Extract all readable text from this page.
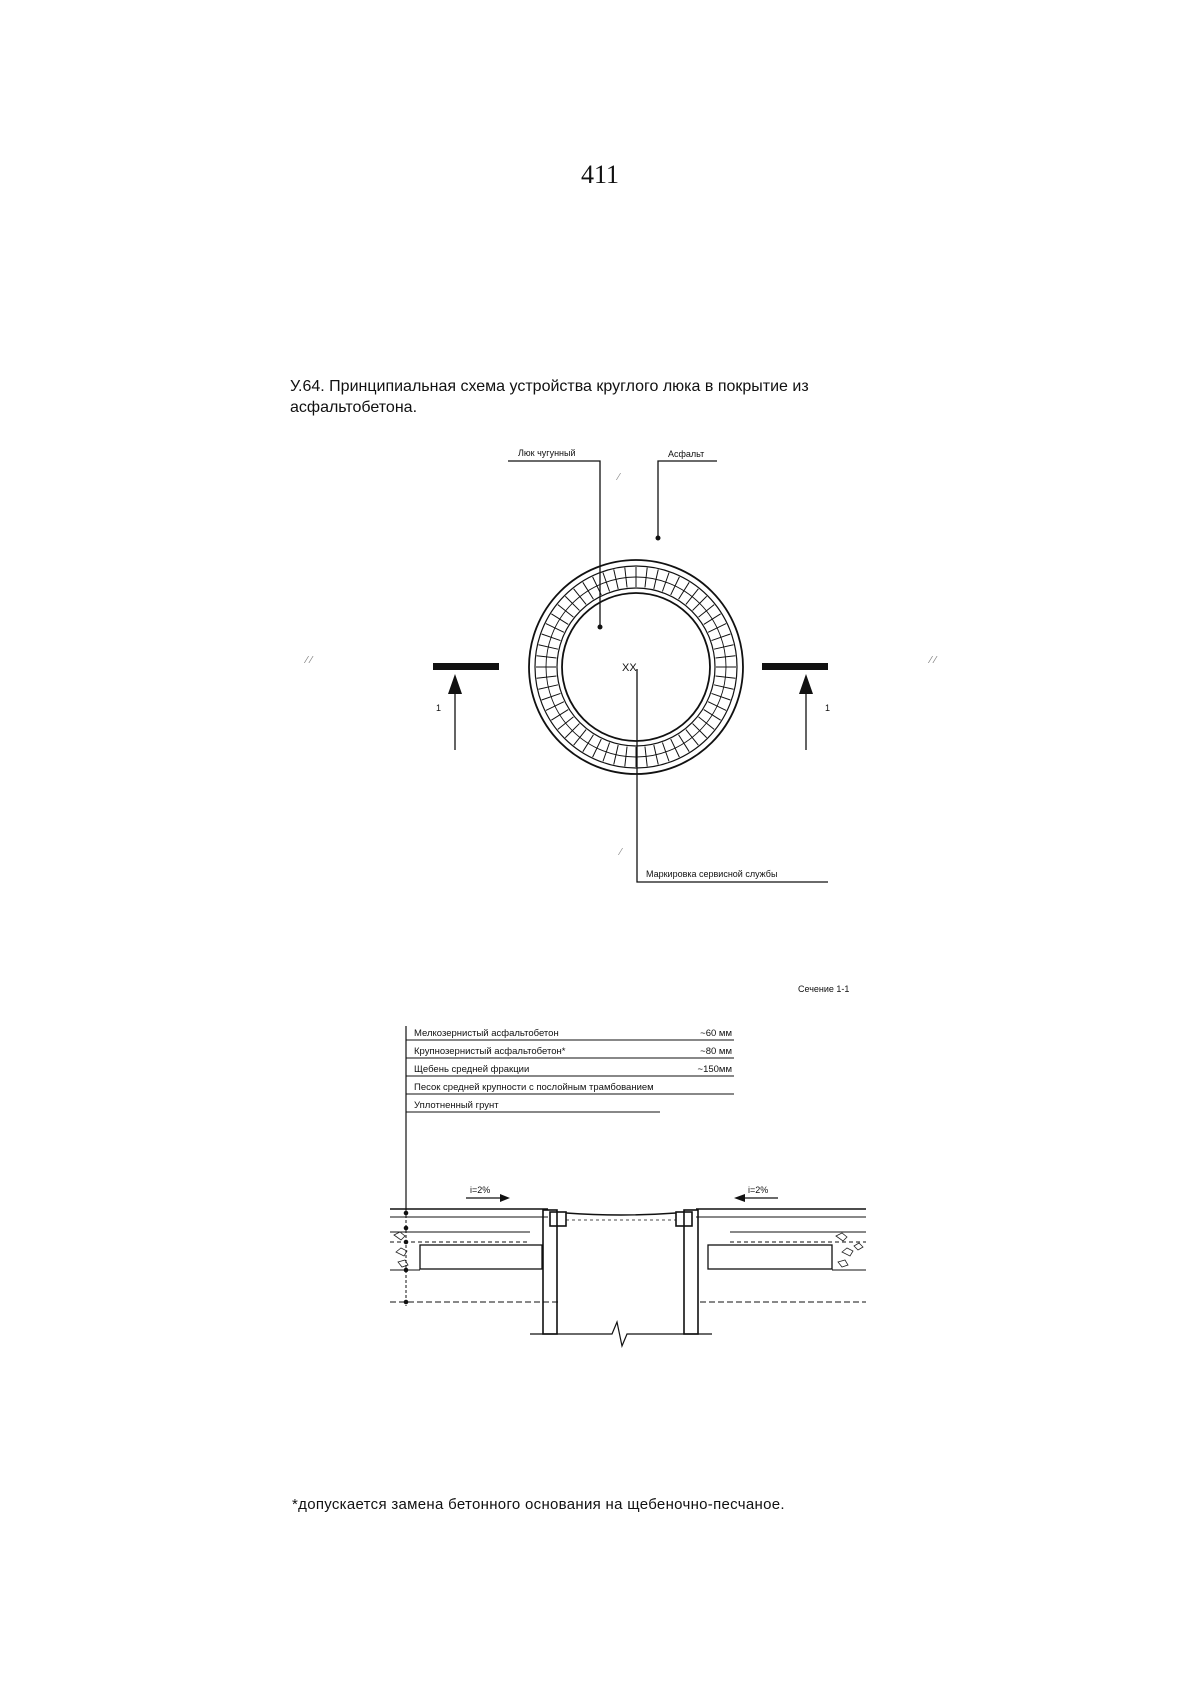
411
У.64. Принципиальная схема устройства круглого люка в покрытие из асфальтобетона.
⁄ ⁄	⁄ ⁄
⁄
⁄
Люк чугунный	Асфальт
XX
Маркировка сервисной службы
1	1
Сечение 1-1
Мелкозернистый асфальтобетон	~60 мм
Крупнозернистый асфальтобетон*	~80 мм
Щебень средней фракции	~150мм
Песок средней крупности с послойным трамбованием
Уплотненный грунт
i=2%	i=2%
*допускается замена бетонного основания на щебеночно-песчаное.
